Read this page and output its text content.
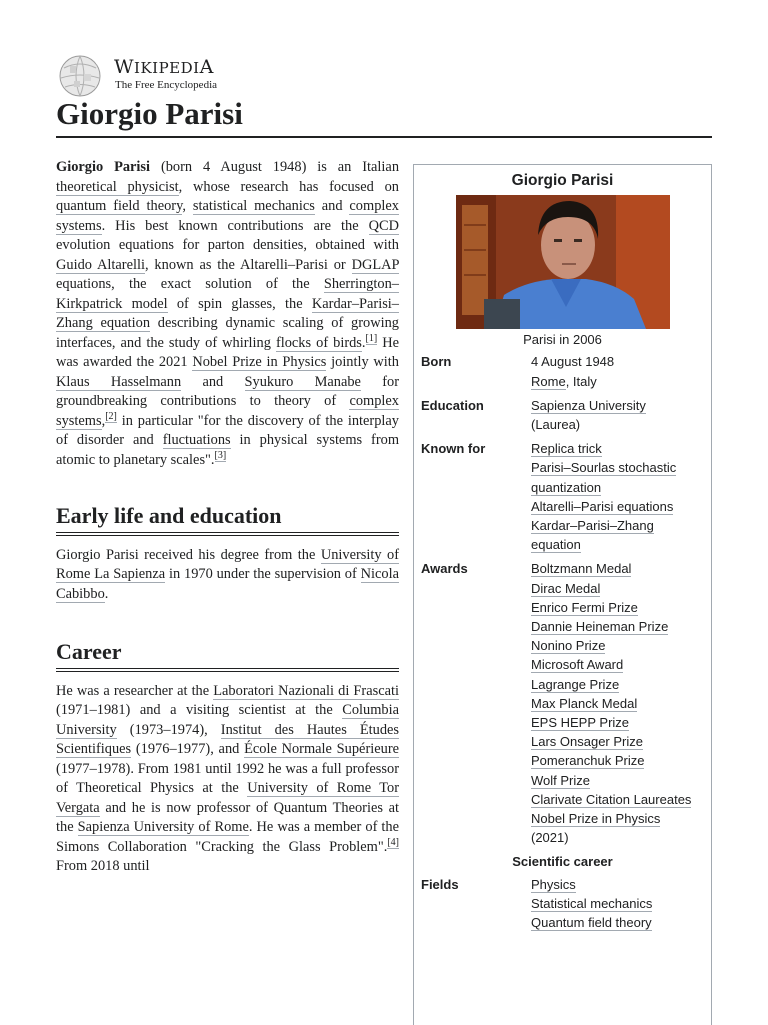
WIKIPEDIA
The Free Encyclopedia
Giorgio Parisi

Giorgio Parisi (born 4 August 1948) is an Italian theoretical physicist, whose research has focused on quantum field theory, statistical mechanics and complex systems. His best known contributions are the QCD evolution equations for parton densities, obtained with Guido Altarelli, known as the Altarelli–Parisi or DGLAP equations, the exact solution of the Sherrington–Kirkpatrick model of spin glasses, the Kardar–Parisi–Zhang equation describing dynamic scaling of growing interfaces, and the study of whirling flocks of birds.[1] He was awarded the 2021 Nobel Prize in Physics jointly with Klaus Hasselmann and Syukuro Manabe for groundbreaking contributions to theory of complex systems,[2] in particular "for the discovery of the interplay of disorder and fluctuations in physical systems from atomic to planetary scales".[3]

Early life and education

Giorgio Parisi received his degree from the University of Rome La Sapienza in 1970 under the supervision of Nicola Cabibbo.

Career

He was a researcher at the Laboratori Nazionali di Frascati (1971–1981) and a visiting scientist at the Columbia University (1973–1974), Institut des Hautes Études Scientifiques (1976–1977), and École Normale Supérieure (1977–1978). From 1981 until 1992 he was a full professor of Theoretical Physics at the University of Rome Tor Vergata and he is now professor of Quantum Theories at the Sapienza University of Rome. He was a member of the Simons Collaboration "Cracking the Glass Problem".[4] From 2018 until

Giorgio Parisi
Parisi in 2006
Born	4 August 1948
Rome, Italy
Education	Sapienza University
(Laurea)
Known for	Replica trick
Parisi–Sourlas stochastic quantization
Altarelli–Parisi equations
Kardar–Parisi–Zhang equation
Awards	Boltzmann Medal
Dirac Medal
Enrico Fermi Prize
Dannie Heineman Prize
Nonino Prize
Microsoft Award
Lagrange Prize
Max Planck Medal
EPS HEPP Prize
Lars Onsager Prize
Pomeranchuk Prize
Wolf Prize
Clarivate Citation Laureates
Nobel Prize in Physics
(2021)
Scientific career
Fields	Physics
Statistical mechanics
Quantum field theory
